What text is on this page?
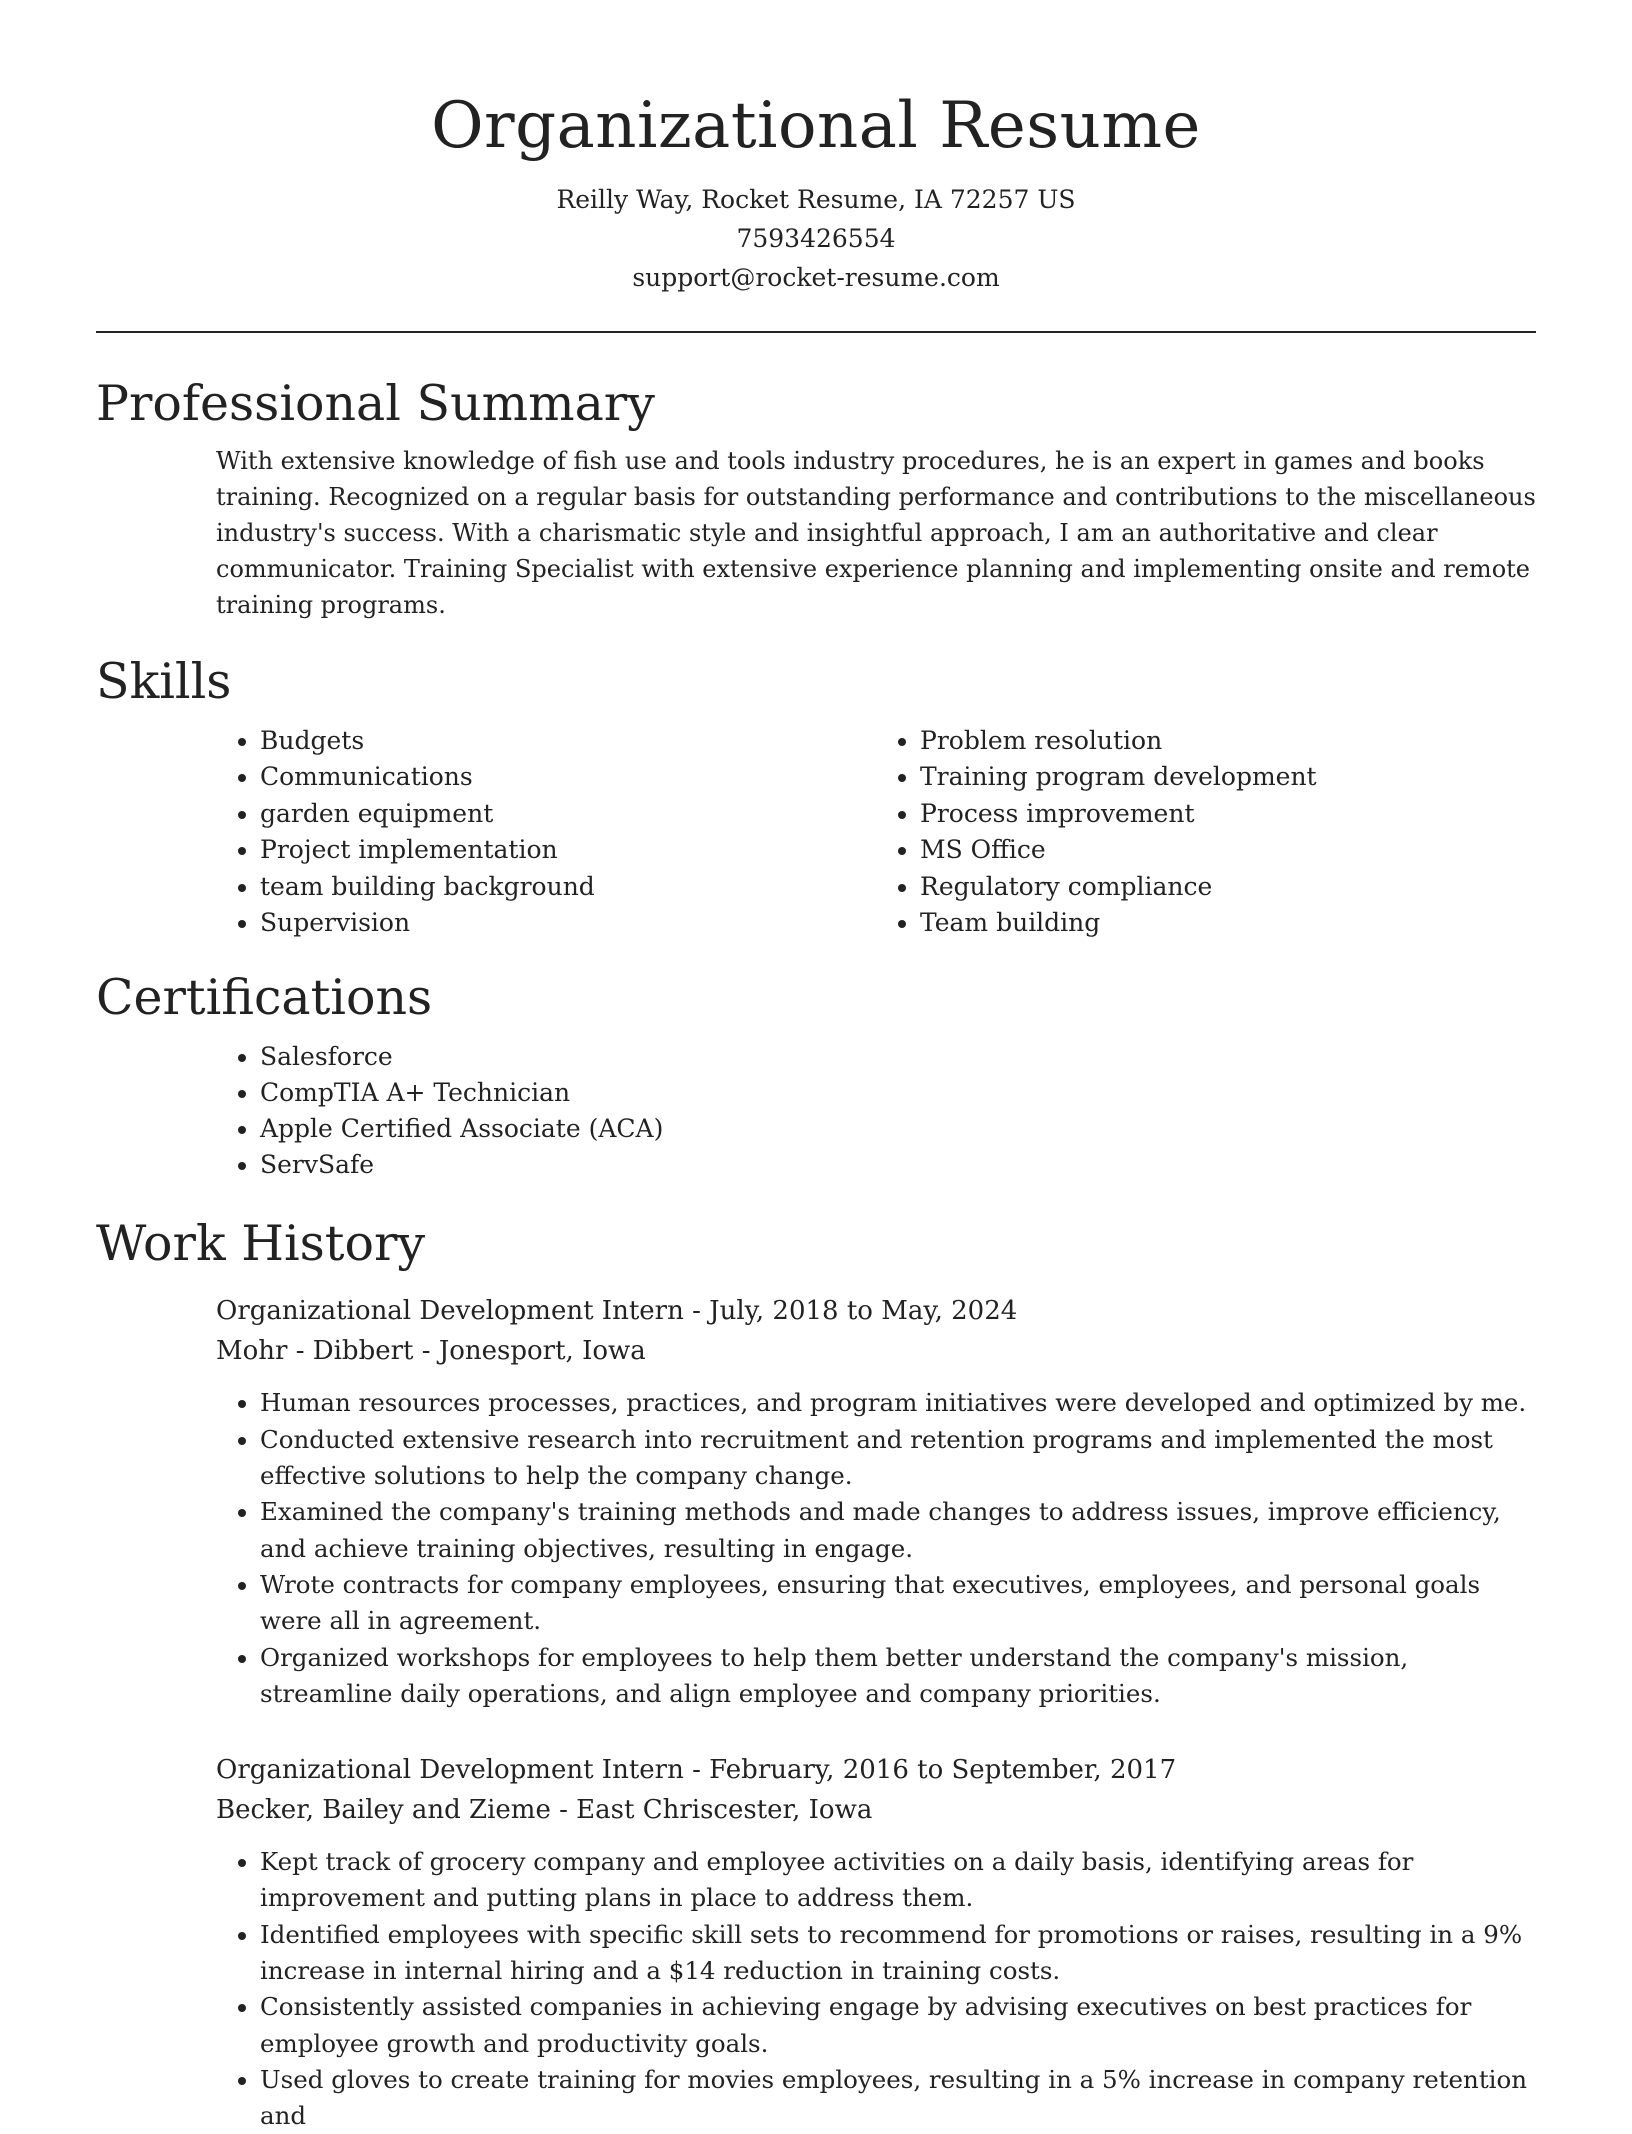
Organizational Resume
Reilly Way, Rocket Resume, IA 72257 US
7593426554
support@rocket-resume.com
Professional Summary

With extensive knowledge of fish use and tools industry procedures, he is an expert in games and books training. Recognized on a regular basis for outstanding performance and contributions to the miscellaneous industry's success. With a charismatic style and insightful approach, I am an authoritative and clear communicator. Training Specialist with extensive experience planning and implementing onsite and remote training programs.

Skills
• Budgets
• Communications
• garden equipment
• Project implementation
• team building background
• Supervision
• Problem resolution
• Training program development
• Process improvement
• MS Office
• Regulatory compliance
• Team building
Certifications
• Salesforce
• CompTIA A+ Technician
• Apple Certified Associate (ACA)
• ServSafe
Work History
Organizational Development Intern - July, 2018 to May, 2024
Mohr - Dibbert - Jonesport, Iowa
• Human resources processes, practices, and program initiatives were developed and optimized by me.
• Conducted extensive research into recruitment and retention programs and implemented the most effective solutions to help the company change.
• Examined the company's training methods and made changes to address issues, improve efficiency, and achieve training objectives, resulting in engage.
• Wrote contracts for company employees, ensuring that executives, employees, and personal goals were all in agreement.
• Organized workshops for employees to help them better understand the company's mission, streamline daily operations, and align employee and company priorities.
Organizational Development Intern - February, 2016 to September, 2017
Becker, Bailey and Zieme - East Chriscester, Iowa
• Kept track of grocery company and employee activities on a daily basis, identifying areas for improvement and putting plans in place to address them.
• Identified employees with specific skill sets to recommend for promotions or raises, resulting in a 9% increase in internal hiring and a $14 reduction in training costs.
• Consistently assisted companies in achieving engage by advising executives on best practices for employee growth and productivity goals.
• Used gloves to create training for movies employees, resulting in a 5% increase in company retention and
